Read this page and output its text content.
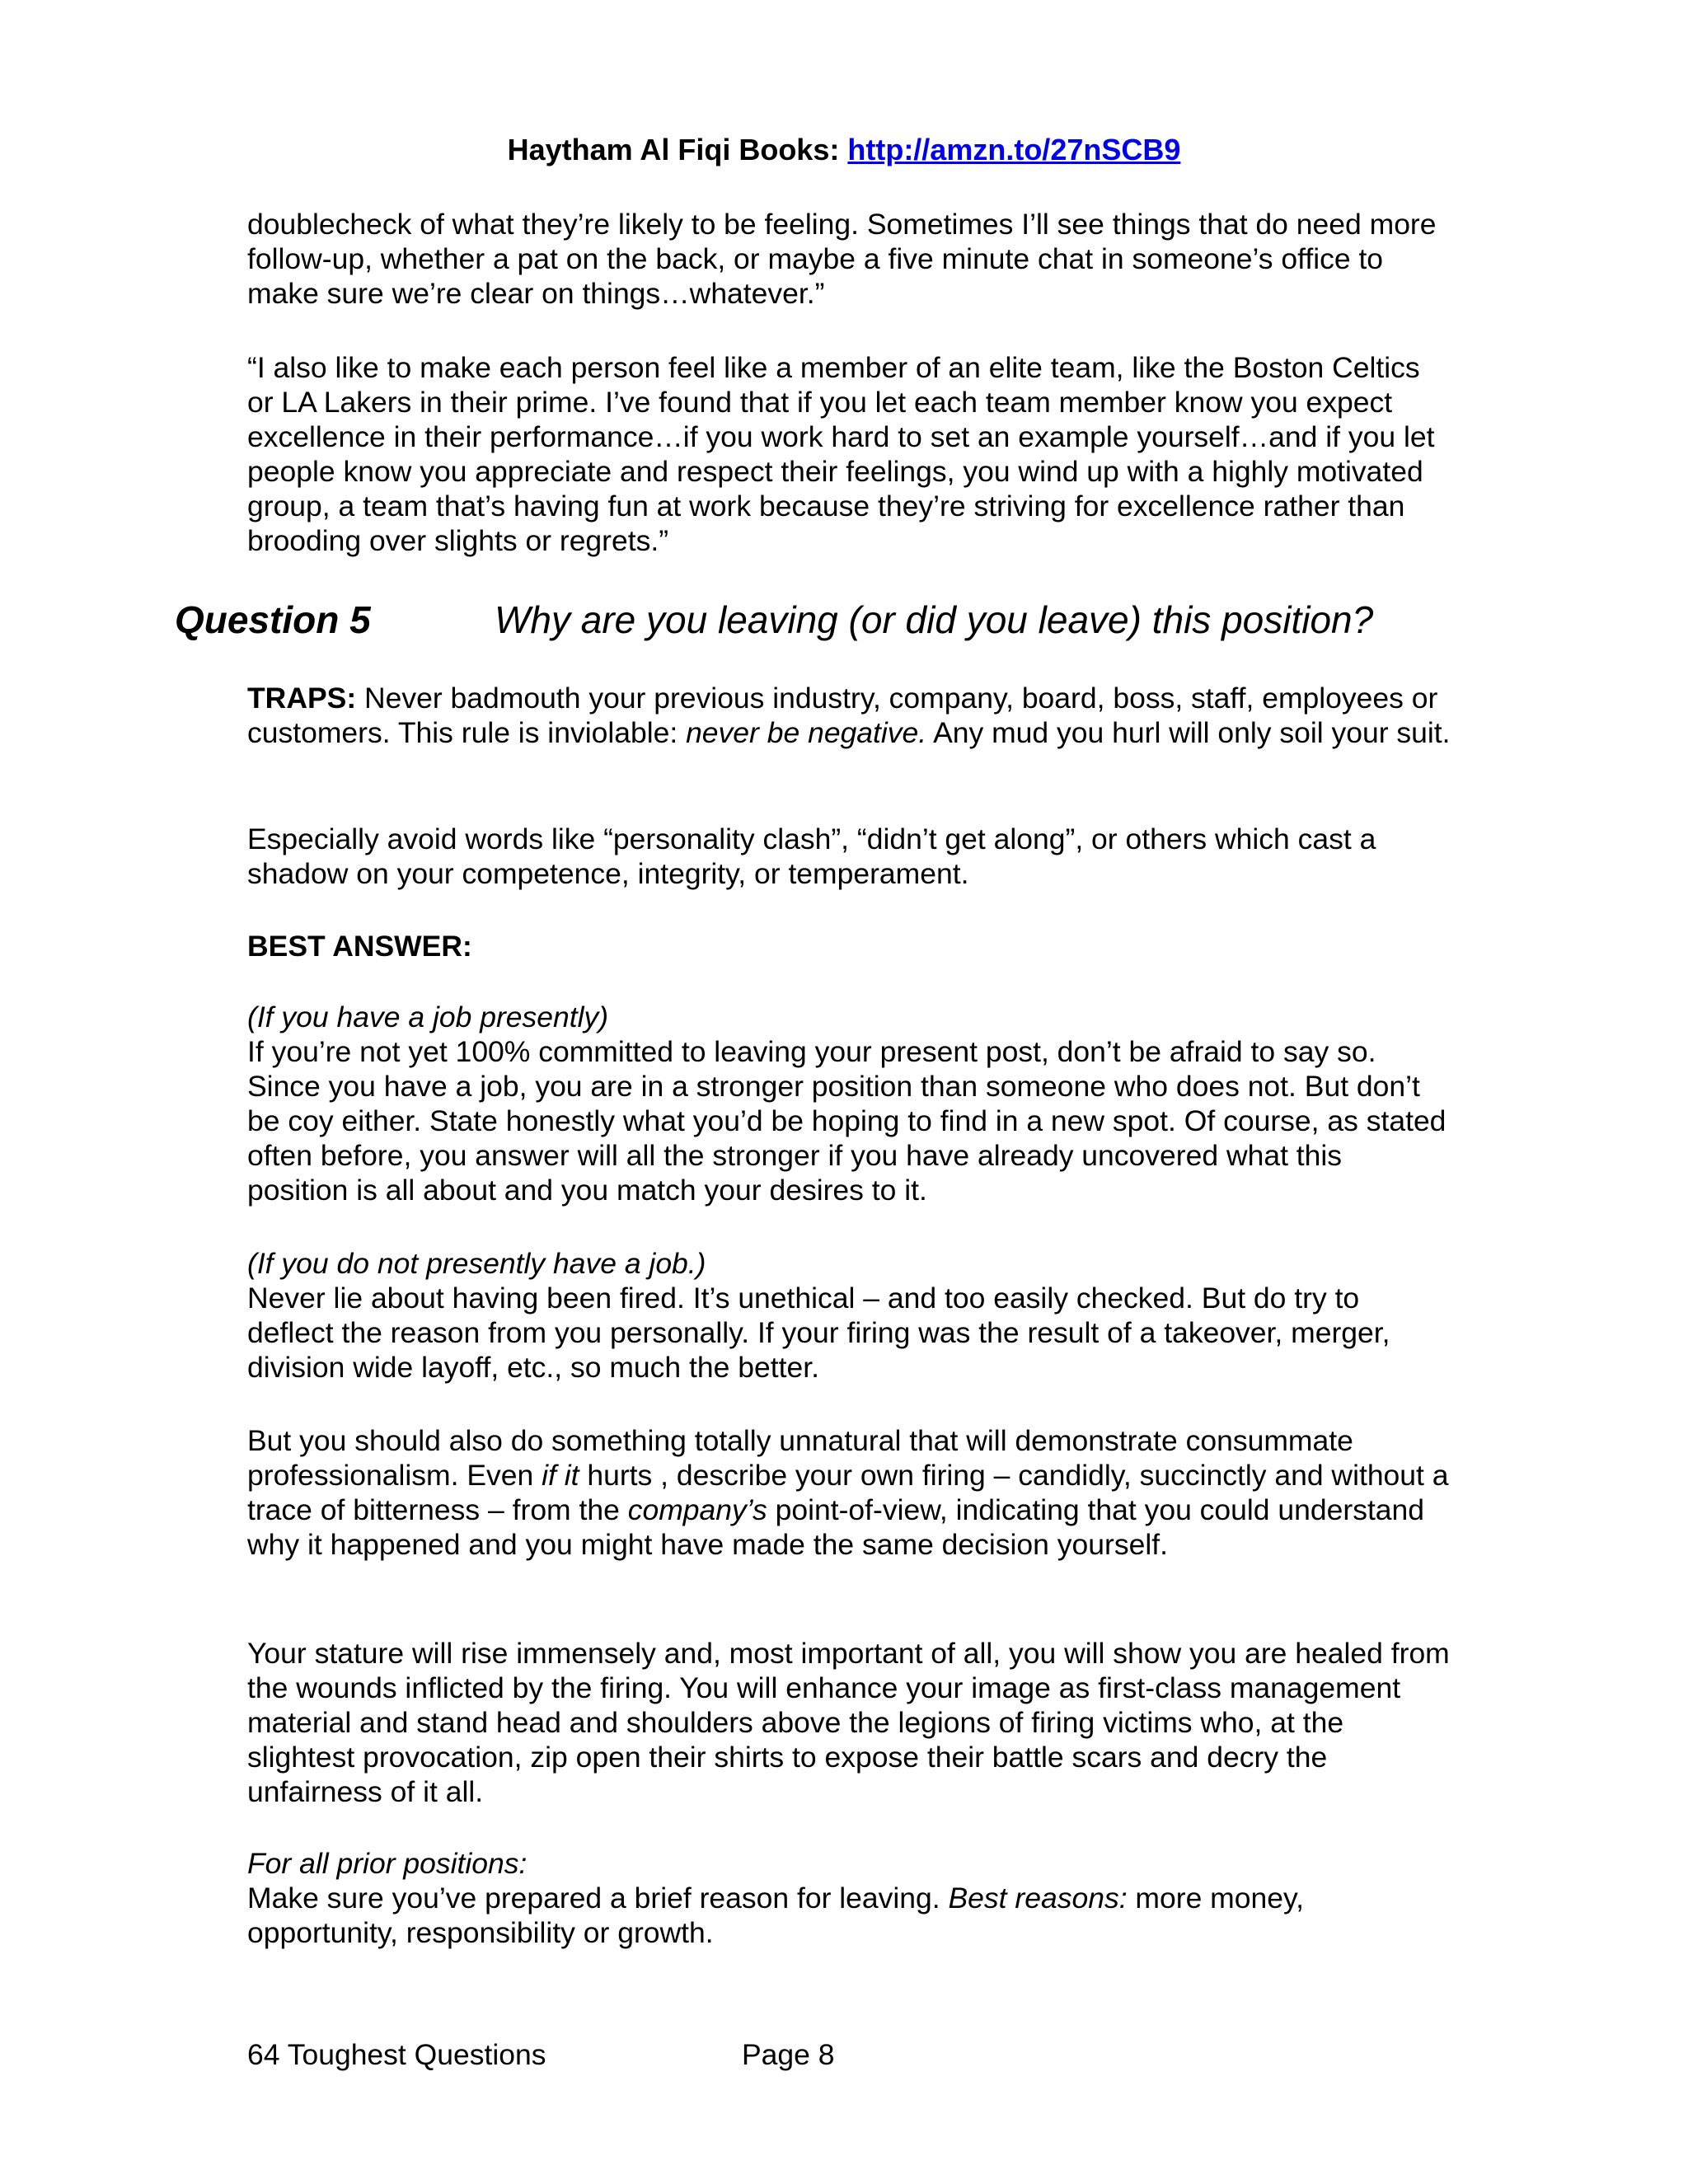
Haytham Al Fiqi Books: http://amzn.to/27nSCB9

doublecheck of what they’re likely to be feeling. Sometimes I’ll see things that do need more follow-up, whether a pat on the back, or maybe a five minute chat in someone’s office to make sure we’re clear on things…whatever.”

“I also like to make each person feel like a member of an elite team, like the Boston Celtics or LA Lakers in their prime. I’ve found that if you let each team member know you expect excellence in their performance…if you work hard to set an example yourself…and if you let people know you appreciate and respect their feelings, you wind up with a highly motivated group, a team that’s having fun at work because they’re striving for excellence rather than brooding over slights or regrets.”

Question 5	Why are you leaving (or did you leave) this position?

TRAPS: Never badmouth your previous industry, company, board, boss, staff, employees or customers. This rule is inviolable: never be negative. Any mud you hurl will only soil your suit.

Especially avoid words like “personality clash”, “didn’t get along”, or others which cast a shadow on your competence, integrity, or temperament.

BEST ANSWER:

(If you have a job presently)

If you’re not yet 100% committed to leaving your present post, don’t be afraid to say so. Since you have a job, you are in a stronger position than someone who does not. But don’t be coy either. State honestly what you’d be hoping to find in a new spot. Of course, as stated often before, you answer will all the stronger if you have already uncovered what this position is all about and you match your desires to it.

(If you do not presently have a job.)

Never lie about having been fired. It’s unethical – and too easily checked. But do try to deflect the reason from you personally. If your firing was the result of a takeover, merger, division wide layoff, etc., so much the better.

But you should also do something totally unnatural that will demonstrate consummate professionalism. Even if it hurts , describe your own firing – candidly, succinctly and without a trace of bitterness – from the company’s point-of-view, indicating that you could understand why it happened and you might have made the same decision yourself.

Your stature will rise immensely and, most important of all, you will show you are healed from the wounds inflicted by the firing. You will enhance your image as first-class management material and stand head and shoulders above the legions of firing victims who, at the slightest provocation, zip open their shirts to expose their battle scars and decry the unfairness of it all.

For all prior positions:

Make sure you’ve prepared a brief reason for leaving. Best reasons: more money, opportunity, responsibility or growth.

64 Toughest Questions	Page 8
